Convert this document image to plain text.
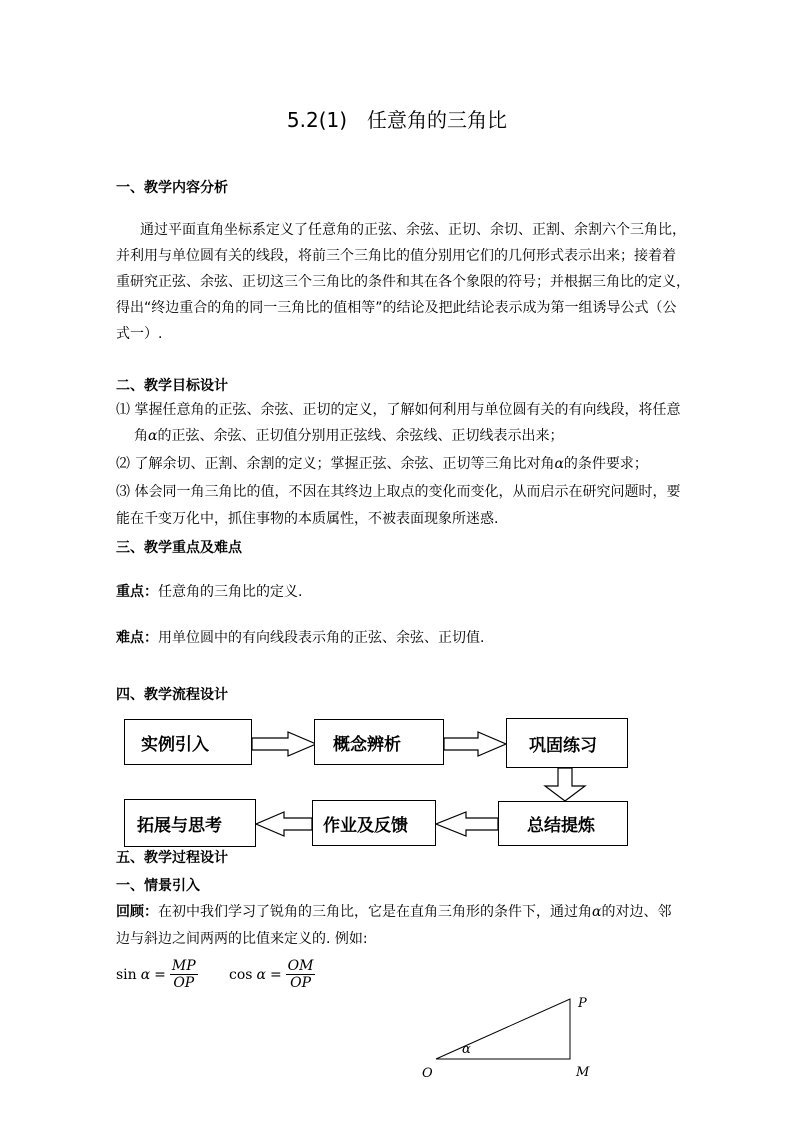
5.2(1)　任意角的三角比
一、教学内容分析
通过平面直角坐标系定义了任意角的正弦、余弦、正切、余切、正割、余割六个三角比，
并利用与单位圆有关的线段，将前三个三角比的值分别用它们的几何形式表示出来；接着着
重研究正弦、余弦、正切这三个三角比的条件和其在各个象限的符号；并根据三角比的定义，
得出“终边重合的角的同一三角比的值相等”的结论及把此结论表示成为第一组诱导公式（公
式一）.
二、教学目标设计
⑴ 掌握任意角的正弦、余弦、正切的定义，了解如何利用与单位圆有关的有向线段，将任意
角α的正弦、余弦、正切值分别用正弦线、余弦线、正切线表示出来；
⑵ 了解余切、正割、余割的定义；掌握正弦、余弦、正切等三角比对角α的条件要求；
⑶ 体会同一角三角比的值，不因在其终边上取点的变化而变化，从而启示在研究问题时，要
能在千变万化中，抓住事物的本质属性，不被表面现象所迷惑.
三、教学重点及难点
重点：任意角的三角比的定义.
难点：用单位圆中的有向线段表示角的正弦、余弦、正切值.
四、教学流程设计
实例引入	概念辨析	巩固练习
总结提炼
作业及反馈
拓展与思考
五、教学过程设计
一、情景引入
回顾：在初中我们学习了锐角的三角比，它是在直角三角形的条件下，通过角α的对边、邻
边与斜边之间两两的比值来定义的. 例如:
$\sin \alpha = \frac{MP}{OP}$ $\cos \alpha = \frac{OM}{OP}$
P
O	M
α
